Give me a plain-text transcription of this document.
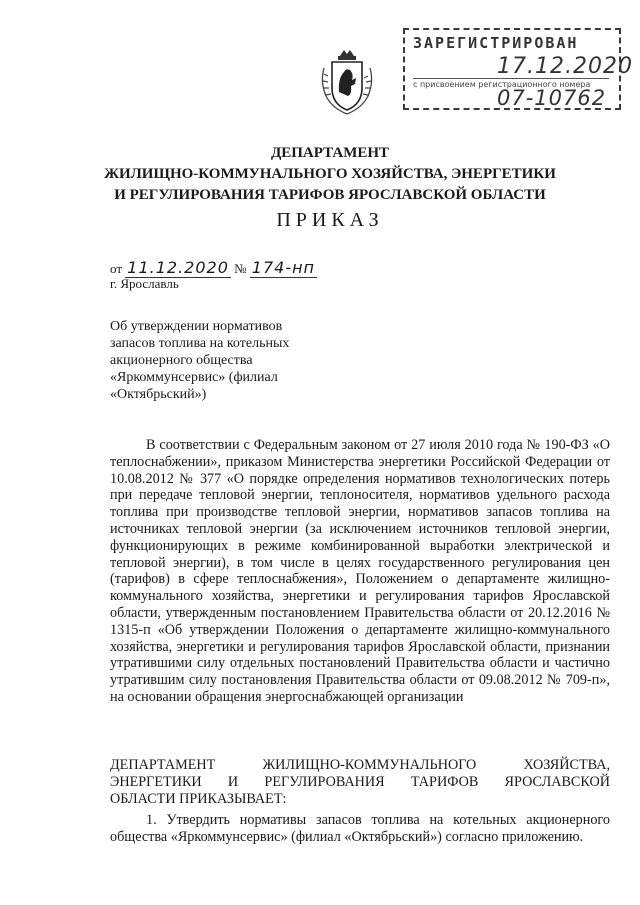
ЗАРЕГИСТРИРОВАН
17.12.2020
с присвоением регистрационного номера
07-10762
ДЕПАРТАМЕНТ
ЖИЛИЩНО-КОММУНАЛЬНОГО ХОЗЯЙСТВА, ЭНЕРГЕТИКИ
И РЕГУЛИРОВАНИЯ ТАРИФОВ ЯРОСЛАВСКОЙ ОБЛАСТИ
ПРИКАЗ
от 11.12.2020 № 174-нп
г. Ярославль
Об утверждении нормативов запасов топлива на котельных акционерного общества «Яркоммунсервис» (филиал «Октябрьский»)
В соответствии с Федеральным законом от 27 июля 2010 года № 190-ФЗ «О теплоснабжении», приказом Министерства энергетики Российской Федерации от 10.08.2012 № 377 «О порядке определения нормативов технологических потерь при передаче тепловой энергии, теплоносителя, нормативов удельного расхода топлива при производстве тепловой энергии, нормативов запасов топлива на источниках тепловой энергии (за исключением источников тепловой энергии, функционирующих в режиме комбинированной выработки электрической и тепловой энергии), в том числе в целях государственного регулирования цен (тарифов) в сфере теплоснабжения», Положением о департаменте жилищно-коммунального хозяйства, энергетики и регулирования тарифов Ярославской области, утвержденным постановлением Правительства области от 20.12.2016 № 1315-п «Об утверждении Положения о департаменте жилищно-коммунального хозяйства, энергетики и регулирования тарифов Ярославской области, признании утратившими силу отдельных постановлений Правительства области и частично утратившим силу постановления Правительства области от 09.08.2012 № 709-п», на основании обращения энергоснабжающей организации
ДЕПАРТАМЕНТ ЖИЛИЩНО-КОММУНАЛЬНОГО ХОЗЯЙСТВА,
ЭНЕРГЕТИКИ И РЕГУЛИРОВАНИЯ ТАРИФОВ ЯРОСЛАВСКОЙ
ОБЛАСТИ ПРИКАЗЫВАЕТ:
1. Утвердить нормативы запасов топлива на котельных акционерного общества «Яркоммунсервис» (филиал «Октябрьский») согласно приложению.
